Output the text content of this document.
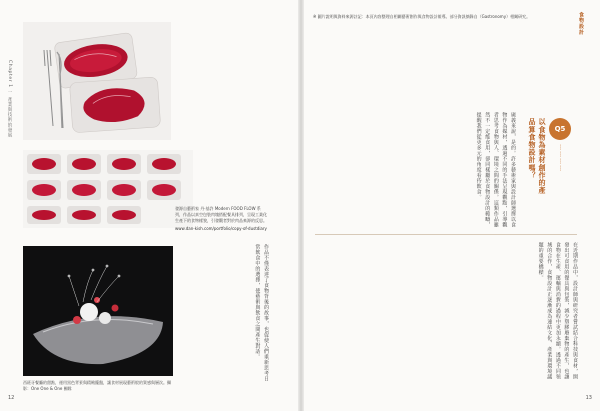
Chapter 1 一 產業與技術的發展
發源自藝術家 丹‧基許 Modern FOOD FLOW 系列，作品以真空包裝肉塊搭配餐具排列，呈現工業化生產下的食物樣貌，引發觀者對於肉品來源的反思。
www.dan-kish.com/portfolio/copy-of-dustdiary
西班牙餐廳的甜點，運用黑色背景與精緻擺盤，讓食材展現藝術般的質感與層次。攝影：One One & One 團隊
作品不僅表達了食物背後的故事，也促使人們重新思考日常飲食中的選擇，使藝術與飲食之間產生對話。
12
※ 圖片說明與資料來源註記：本頁內容整理自相關藝術創作與食物設計報導。部分資訊摘錄自（Gastronomy）相關研究。	食物設計
Q5
…………
以食物為素材創作的產品算食物設計嗎？
廣義來說，是的。許多藝術家與設計師選擇以食物作為媒材，透過不同的手法呈現觀點，引導觀者思考食物與人、環境之間的關係。這類作品雖然不一定能食用，卻同樣屬於食物設計的範疇，提醒我們從更多元的角度看待飲食。
在近期作品中，設計師與研究者嘗試結合科技與食材，開發出可食用的餐具與包裝，減少塑膠廢棄物的產生，也讓食物在生產、運輸與消費的過程中更加永續。透過不同領域的合作，食物設計正逐漸成為連結文化、產業與環境議題的重要橋樑。
13
